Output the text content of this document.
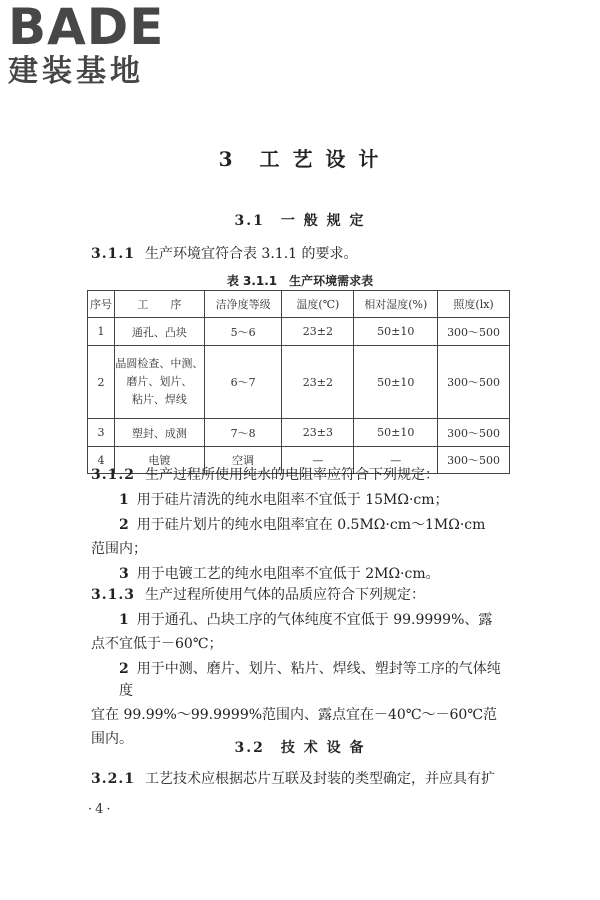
BADE
建装基地
3 工 艺 设 计
3.1　一 般 规 定
3.1.1 生产环境宜符合表 3.1.1 的要求。
表 3.1.1　生产环境需求表
序号	工　　序	洁净度等级	温度(℃)	相对湿度(%)	照度(lx)
1	通孔、凸块	5～6	23±2	50±10	300～500
2	晶圆检查、中测、
磨片、划片、
粘片、焊线	6～7	23±2	50±10	300～500
3	塑封、成测	7～8	23±3	50±10	300～500
4	电镀	空调	—	—	300～500
3.1.2 生产过程所使用纯水的电阻率应符合下列规定：
1 用于硅片清洗的纯水电阻率不宜低于 15MΩ·cm；
2 用于硅片划片的纯水电阻率宜在 0.5MΩ·cm～1MΩ·cm
范围内；
3 用于电镀工艺的纯水电阻率不宜低于 2MΩ·cm。
3.1.3 生产过程所使用气体的品质应符合下列规定：
1 用于通孔、凸块工序的气体纯度不宜低于 99.9999%、露
点不宜低于－60℃；
2 用于中测、磨片、划片、粘片、焊线、塑封等工序的气体纯度
宜在 99.99%～99.9999%范围内、露点宜在－40℃～－60℃范
围内。
3.2　技 术 设 备
3.2.1 工艺技术应根据芯片互联及封装的类型确定，并应具有扩
·4·
